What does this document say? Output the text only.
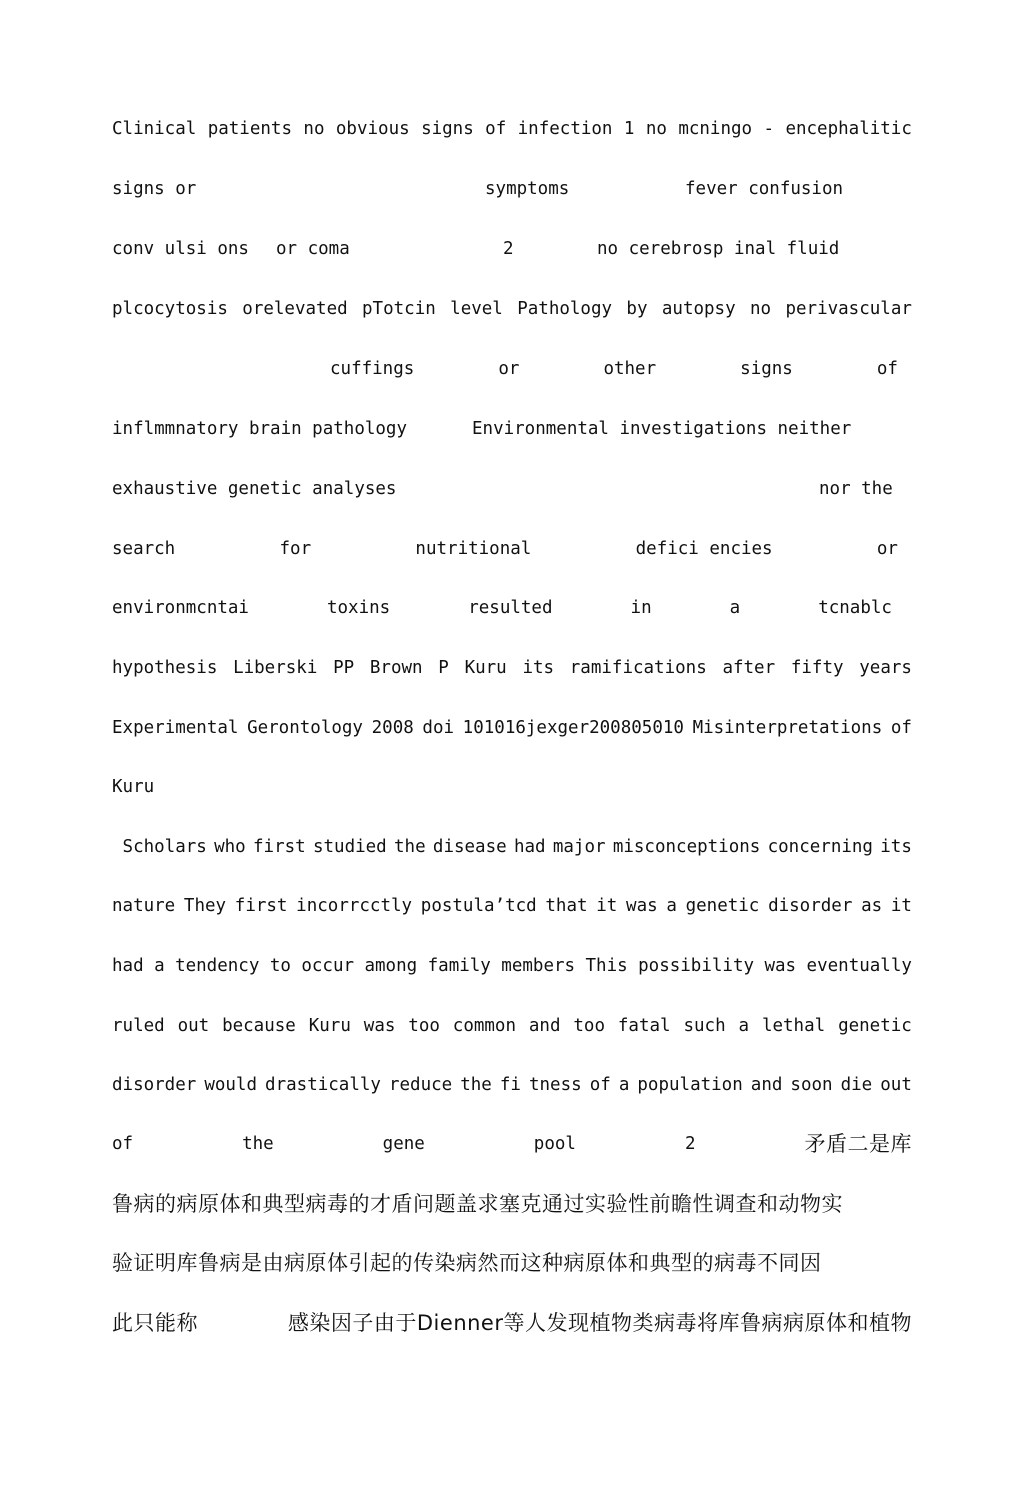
Clinical patients no obvious signs of infection 1 no mcningo - encephalitic
signs or	symptoms	fever confusion
conv ulsi ons or coma	2	no cerebrosp inal fluid
plcocytosis orelevated pTotcin level Pathology by autopsy no perivascular
cuffings	or	other	signs	of
inflmmnatory brain pathology	Environmental investigations neither
exhaustive genetic analyses	nor the
search	for	nutritional	defici encies	or
environmcntai	toxins	resulted	in	a	tcnablc
hypothesis Liberski PP Brown P Kuru its ramifications after fifty years
Experimental Gerontology 2008 doi 101016jexger200805010 Misinterpretations of
Kuru
Scholars who first studied the disease had major misconceptions concerning its
nature They first incorrcctly postula’tcd that it was a genetic disorder as it
had a tendency to occur among family members This possibility was eventually
ruled out because Kuru was too common and too fatal such a lethal genetic
disorder would drastically reduce the fi tness of a population and soon die out
of	the	gene	pool	2	矛盾二是库
鲁病的病原体和典型病毒的才盾问题盖求塞克通过实验性前瞻性调查和动物实
验证明库鲁病是由病原体引起的传染病然而这种病原体和典型的病毒不同因
此只能称	感染因子由于Dienner等人发现植物类病毒将库鲁病病原体和植物
